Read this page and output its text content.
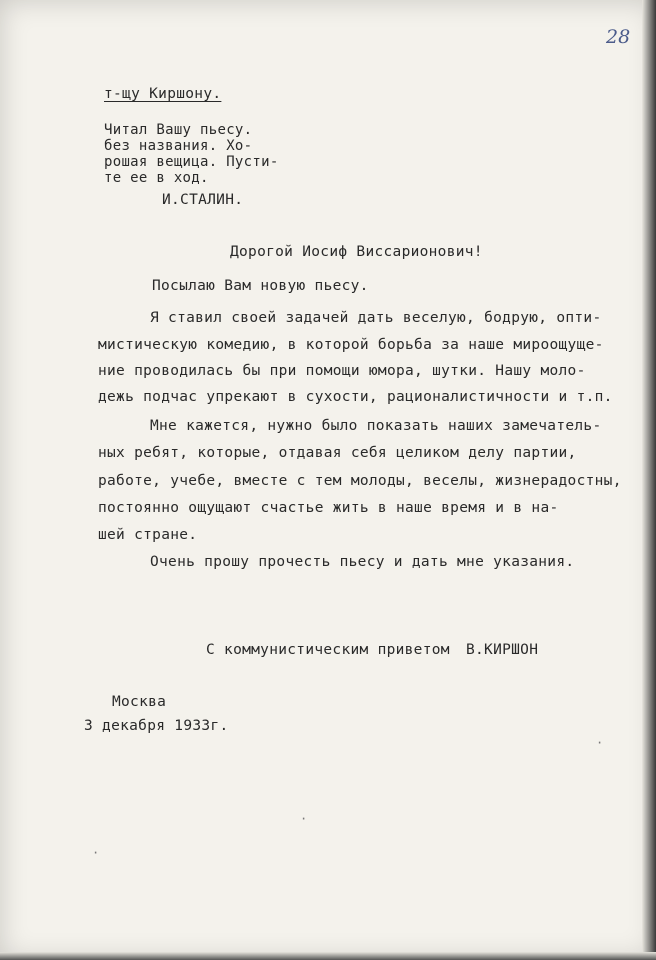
28

т-щу Киршону.

Читал Вашу пьесу.

без названия. Хо-

рошая вещица. Пусти-

те ее в ход.

И.СТАЛИН.

Дорогой Иосиф Виссарионович!

Посылаю Вам новую пьесу.

Я ставил своей задачей дать веселую, бодрую, опти-

мистическую комедию, в которой борьба за наше мироощуще-

ние проводилась бы при помощи юмора, шутки. Нашу моло-

дежь подчас упрекают в сухости, рационалистичности и т.п.

Мне кажется, нужно было показать наших замечатель-

ных ребят, которые, отдавая себя целиком делу партии,

работе, учебе, вместе с тем молоды, веселы, жизнерадостны,

постоянно ощущают счастье жить в наше время и в на-

шей стране.

Очень прошу прочесть пьесу и дать мне указания.

С коммунистическим приветом В.КИРШОН

Москва

3 декабря 1933г.

·
·
·
